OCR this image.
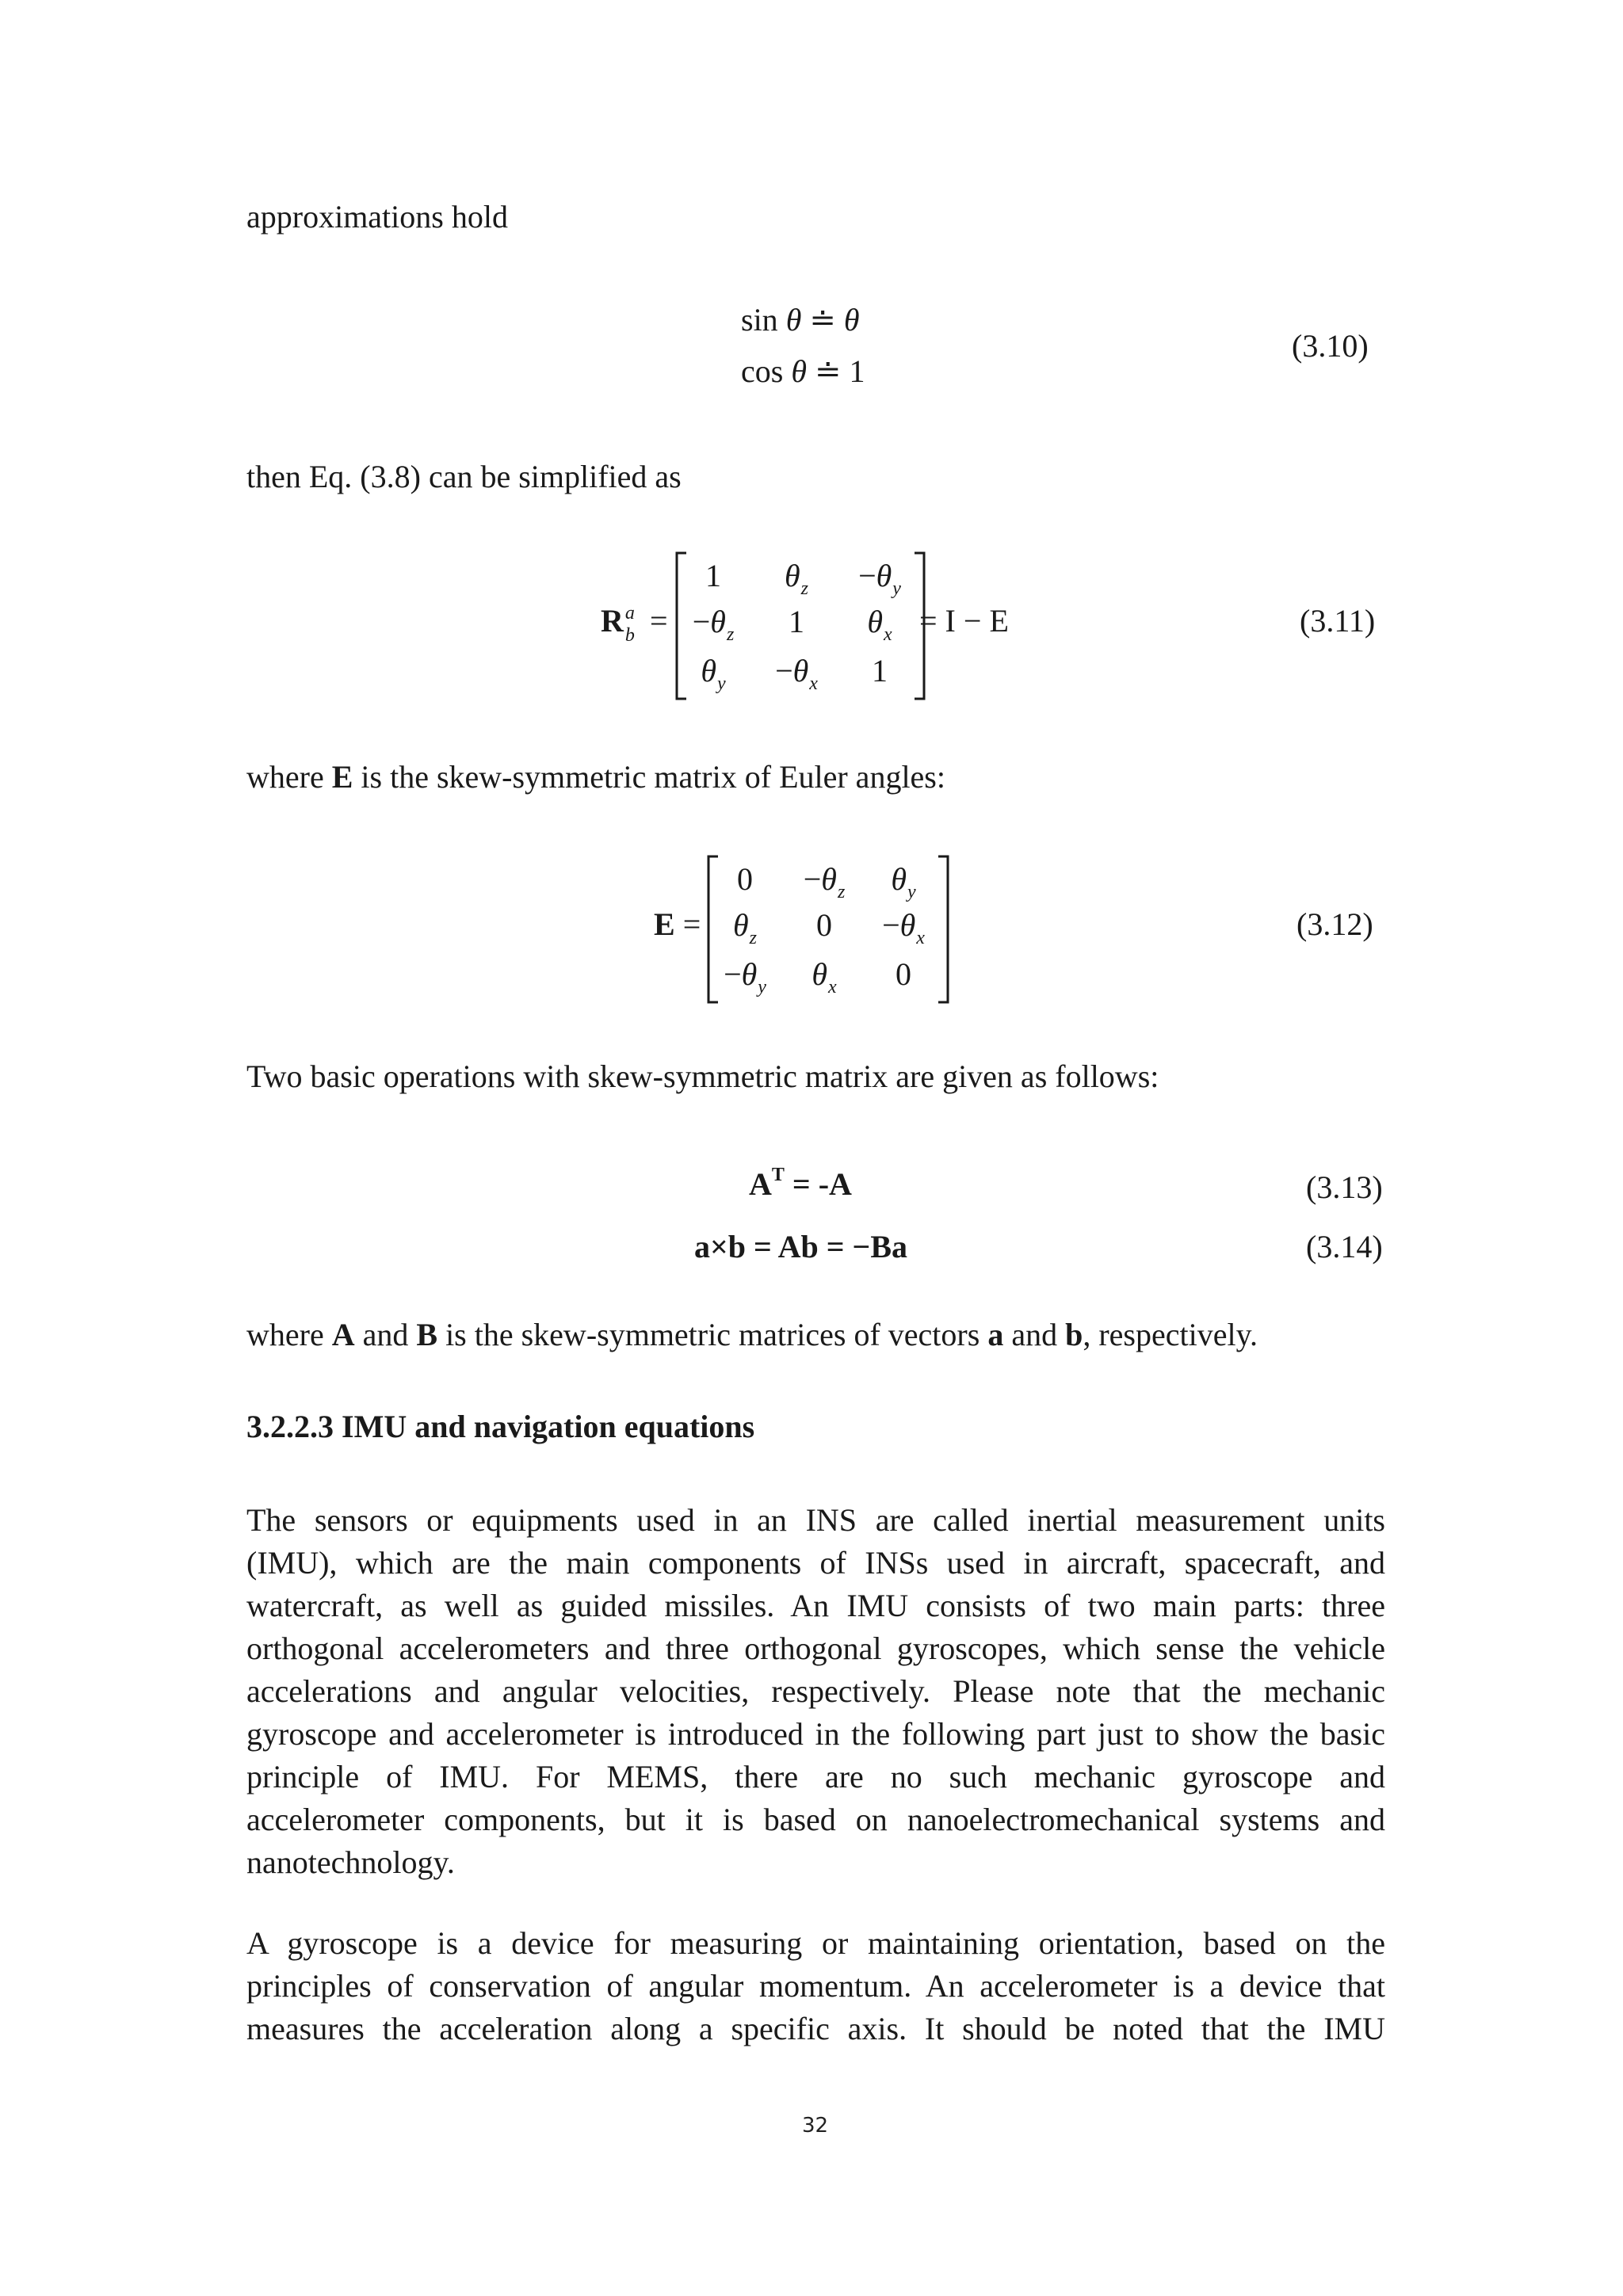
approximations hold
sin θ ≐ θ
cos θ ≐ 1
(3.10)
then Eq. (3.8) can be simplified as
R a
b =
1	$\theta_z$	$-\theta_y$
$-\theta_z$	1	$\theta_x$
$\theta_y$	$-\theta_x$	1
= I − E	(3.11)
where E is the skew-symmetric matrix of Euler angles:
E =
0	$-\theta_z$	$\theta_y$
$\theta_z$	0	$-\theta_x$
$-\theta_y$	$\theta_x$	0
(3.12)
Two basic operations with skew-symmetric matrix are given as follows:
$A^T = -A$	(3.13)
a×b = Ab = −Ba	(3.14)
where A and B is the skew-symmetric matrices of vectors a and b, respectively.
3.2.2.3 IMU and navigation equations
The sensors or equipments used in an INS are called inertial measurement units
(IMU), which are the main components of INSs used in aircraft, spacecraft, and
watercraft, as well as guided missiles. An IMU consists of two main parts: three
orthogonal accelerometers and three orthogonal gyroscopes, which sense the vehicle
accelerations and angular velocities, respectively. Please note that the mechanic
gyroscope and accelerometer is introduced in the following part just to show the basic
principle of IMU. For MEMS, there are no such mechanic gyroscope and
accelerometer components, but it is based on nanoelectromechanical systems and
nanotechnology.
A gyroscope is a device for measuring or maintaining orientation, based on the
principles of conservation of angular momentum. An accelerometer is a device that
measures the acceleration along a specific axis. It should be noted that the IMU
32
